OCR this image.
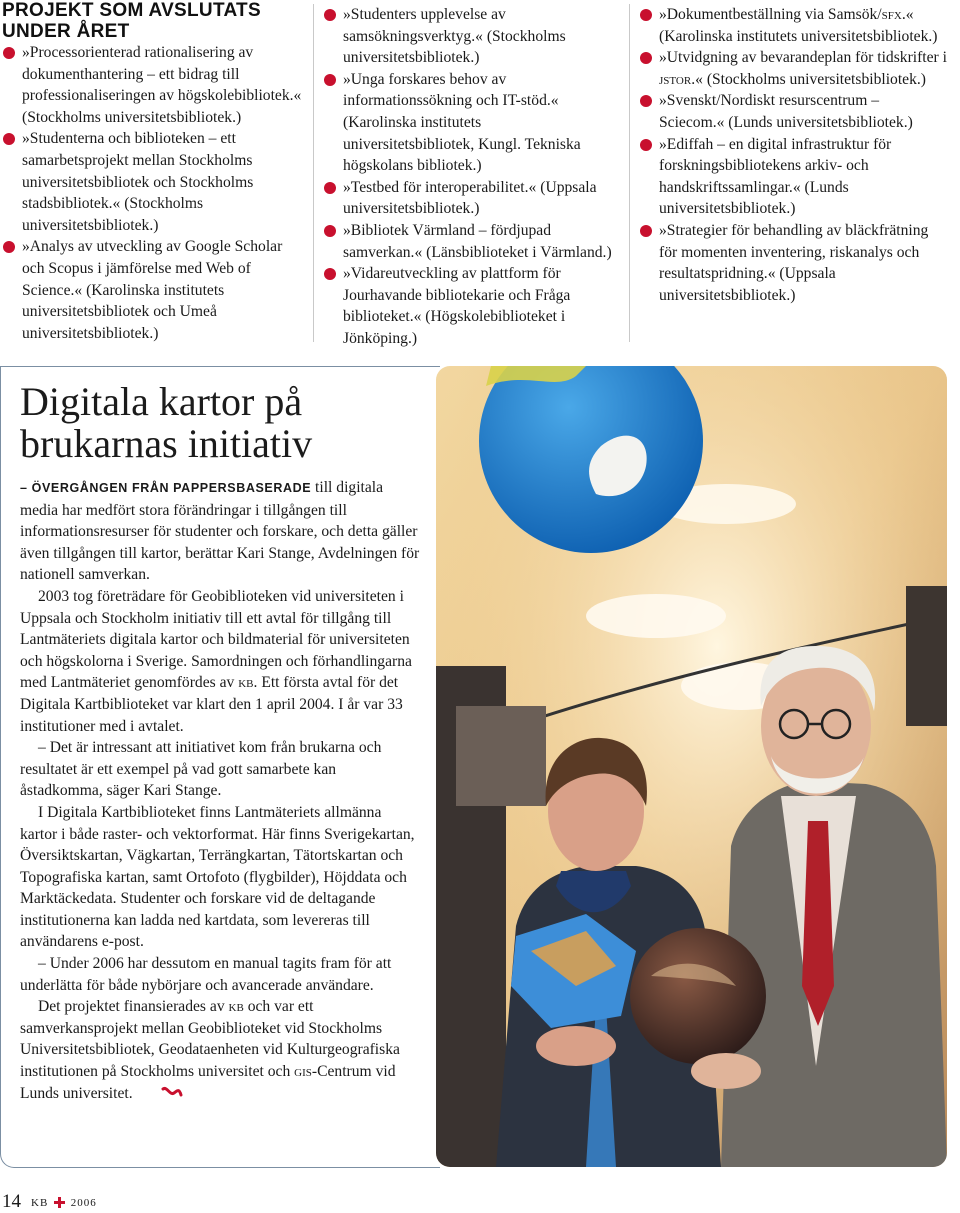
PROJEKT SOM AVSLUTATS UNDER ÅRET
»Processorienterad rationalisering av dokumenthantering – ett bidrag till professionaliseringen av högskolebibliotek.« (Stockholms universitetsbibliotek.)
»Studenterna och biblioteken – ett samarbetsprojekt mellan Stockholms universitetsbibliotek och Stockholms stadsbibliotek.« (Stockholms universitetsbibliotek.)
»Analys av utveckling av Google Scholar och Scopus i jämförelse med Web of Science.« (Karolinska institutets universitetsbibliotek och Umeå universitetsbibliotek.)
»Studenters upplevelse av samsökningsverktyg.« (Stockholms universitetsbibliotek.)
»Unga forskares behov av informationssökning och IT-stöd.« (Karolinska institutets universitetsbibliotek, Kungl. Tekniska högskolans bibliotek.)
»Testbed för interoperabilitet.« (Uppsala universitetsbibliotek.)
»Bibliotek Värmland – fördjupad samverkan.« (Länsbiblioteket i Värmland.)
»Vidareutveckling av plattform för Jourhavande bibliotekarie och Fråga biblioteket.« (Högskolebiblioteket i Jönköping.)
»Dokumentbeställning via Samsök/sfx.« (Karolinska institutets universitetsbibliotek.)
»Utvidgning av bevarandeplan för tidskrifter i jstor.« (Stockholms universitetsbibliotek.)
»Svenskt/Nordiskt resurscentrum – Sciecom.« (Lunds universitetsbibliotek.)
»Ediffah – en digital infrastruktur för forskningsbibliotekens arkiv- och handskriftssamlingar.« (Lunds universitetsbibliotek.)
»Strategier för behandling av bläckfrätning för momenten inventering, riskanalys och resultatspridning.« (Uppsala universitetsbibliotek.)
Digitala kartor på brukarnas initiativ

– ÖVERGÅNGEN FRÅN PAPPERSBASERADE till digitala media har medfört stora förändringar i tillgången till informationsresurser för studenter och forskare, och detta gäller även tillgången till kartor, berättar Kari Stange, Avdelningen för nationell samverkan.

2003 tog företrädare för Geobiblioteken vid universiteten i Uppsala och Stockholm initiativ till ett avtal för tillgång till Lantmäteriets digitala kartor och bildmaterial för universiteten och högskolorna i Sverige. Samordningen och förhandlingarna med Lantmäteriet genomfördes av kb. Ett första avtal för det Digitala Kartbiblioteket var klart den 1 april 2004. I år var 33 institutioner med i avtalet.

– Det är intressant att initiativet kom från brukarna och resultatet är ett exempel på vad gott samarbete kan åstadkomma, säger Kari Stange.

I Digitala Kartbiblioteket finns Lantmäteriets allmänna kartor i både raster- och vektorformat. Här finns Sverigekartan, Översiktskartan, Vägkartan, Terrängkartan, Tätortskartan och Topografiska kartan, samt Ortofoto (flygbilder), Höjddata och Marktäckedata. Studenter och forskare vid de deltagande institutionerna kan ladda ned kartdata, som levereras till användarens e-post.

– Under 2006 har dessutom en manual tagits fram för att underlätta för både nybörjare och avancerade användare.

Det projektet finansierades av kb och var ett samverkansprojekt mellan Geobiblioteket vid Stockholms Universitetsbibliotek, Geodataenheten vid Kulturgeografiska institutionen på Stockholms universitet och gis-Centrum vid Lunds universitet.

14 KB 2006
